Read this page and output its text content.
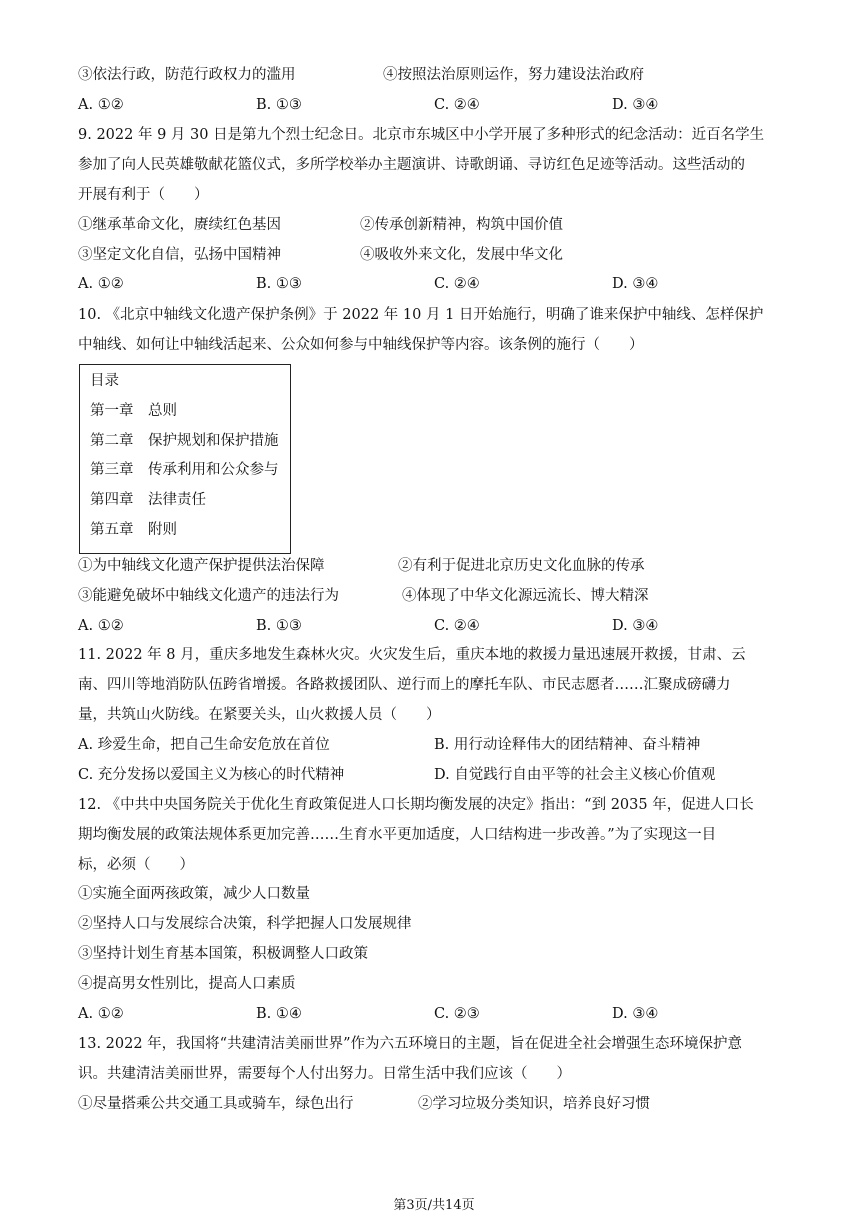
③依法行政，防范行政权力的滥用	④按照法治原则运作，努力建设法治政府
A. ①②	B. ①③	C. ②④	D. ③④
9. 2022 年 9 月 30 日是第九个烈士纪念日。北京市东城区中小学开展了多种形式的纪念活动：近百名学生
参加了向人民英雄敬献花篮仪式，多所学校举办主题演讲、诗歌朗诵、寻访红色足迹等活动。这些活动的
开展有利于（　　）
①继承革命文化，赓续红色基因	②传承创新精神，构筑中国价值
③坚定文化自信，弘扬中国精神	④吸收外来文化，发展中华文化
A. ①②	B. ①③	C. ②④	D. ③④
10. 《北京中轴线文化遗产保护条例》于 2022 年 10 月 1 日开始施行，明确了谁来保护中轴线、怎样保护
中轴线、如何让中轴线活起来、公众如何参与中轴线保护等内容。该条例的施行（　　）
目录
第一章　总则
第二章　保护规划和保护措施
第三章　传承利用和公众参与
第四章　法律责任
第五章　附则
①为中轴线文化遗产保护提供法治保障	②有利于促进北京历史文化血脉的传承
③能避免破坏中轴线文化遗产的违法行为	④体现了中华文化源远流长、博大精深
A. ①②	B. ①③	C. ②④	D. ③④
11. 2022 年 8 月，重庆多地发生森林火灾。火灾发生后，重庆本地的救援力量迅速展开救援，甘肃、云
南、四川等地消防队伍跨省增援。各路救援团队、逆行而上的摩托车队、市民志愿者……汇聚成磅礴力
量，共筑山火防线。在紧要关头，山火救援人员（　　）
A. 珍爱生命，把自己生命安危放在首位	B. 用行动诠释伟大的团结精神、奋斗精神
C. 充分发扬以爱国主义为核心的时代精神	D. 自觉践行自由平等的社会主义核心价值观
12. 《中共中央国务院关于优化生育政策促进人口长期均衡发展的决定》指出：“到 2035 年，促进人口长
期均衡发展的政策法规体系更加完善……生育水平更加适度，人口结构进一步改善。”为了实现这一目
标，必须（　　）
①实施全面两孩政策，减少人口数量
②坚持人口与发展综合决策，科学把握人口发展规律
③坚持计划生育基本国策，积极调整人口政策
④提高男女性别比，提高人口素质
A. ①②	B. ①④	C. ②③	D. ③④
13. 2022 年，我国将“共建清洁美丽世界”作为六五环境日的主题，旨在促进全社会增强生态环境保护意
识。共建清洁美丽世界，需要每个人付出努力。日常生活中我们应该（　　）
①尽量搭乘公共交通工具或骑车，绿色出行	②学习垃圾分类知识，培养良好习惯
第3页/共14页
